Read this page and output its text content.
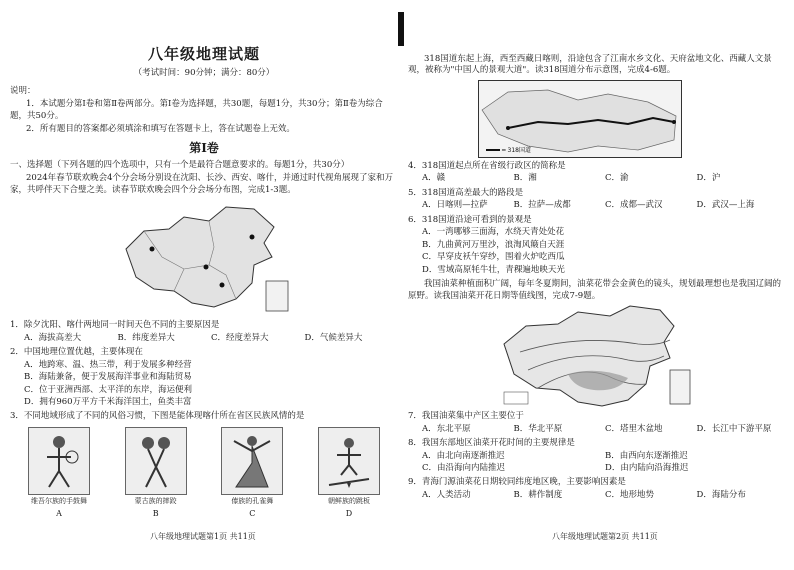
八年级地理试题
（考试时间：90分钟；满分：80分）
说明：
1．本试题分第Ⅰ卷和第Ⅱ卷两部分。第Ⅰ卷为选择题，共30题，每题1分，共30分；第Ⅱ卷为综合题，共50分。
2．所有题目的答案都必须填涂和填写在答题卡上，答在试题卷上无效。
第Ⅰ卷
一、选择题（下列各题的四个选项中，只有一个是最符合题意要求的。每题1分，共30分）
2024年春节联欢晚会4个分会场分别设在沈阳、长沙、西安、喀什，并通过时代视角展现了家和万家，共呼伴天下合璧之美。读春节联欢晚会四个分会场分布图，完成1-3题。
1．除夕沈阳、喀什两地同一时间天色不同的主要原因是
A．海拔高差大	B．纬度差异大	C．经度差异大	D．气候差异大
2．中国地理位置优越，主要体现在
A．地跨寒、温、热三带，利于发展多种经营
B．海陆兼备，便于发展海洋事业和海陆贸易
C．位于亚洲西部、太平洋的东岸，海运便利
D．拥有960万平方千米海洋国土，鱼类丰富
3．不同地域形成了不同的风俗习惯，下图是能体现喀什所在省区民族风情的是
维吾尔族的手鼓舞
A
蒙古族的摔跤
B
傣族的孔雀舞
C
朝鲜族的跳板
D
八年级地理试题第1页 共11页
318国道东起上海，西至西藏日喀则，沿途包含了江南水乡文化、天府盆地文化、西藏人文景观，被称为"中国人的景观大道"。读318国道分布示意图，完成4-6题。
━ 318国道
4．318国道起点所在省级行政区的简称是
A．赣	B．湘	C．渝	D．沪
5．318国道高差最大的路段是
A．日喀则—拉萨	B．拉萨—成都	C．成都—武汉	D．武汉—上海
6．318国道沿途可看到的景观是
A．一湾哪够三面海，水绕天青处处花
B．九曲黄河万里沙，浪淘风簸自天涯
C．早穿皮袄午穿纱，围着火炉吃西瓜
D．雪域高原牦牛壮，青稞遍地映天光
我国油菜种植面积广阔，每年冬夏期间，油菜花带会金黄色的镜头，规划最理想也是我国辽阔的原野。读我国油菜开花日期等值线图，完成7-9题。
7．我国油菜集中产区主要位于
A．东北平原	B．华北平原	C．塔里木盆地	D．长江中下游平原
8．我国东部地区油菜开花时间的主要规律是
A．由北向南逐渐推迟	B．由西向东逐渐推迟
C．由沿海向内陆推迟	D．由内陆向沿海推迟
9．青海门源油菜花日期较同纬度地区晚，主要影响因素是
A．人类活动	B．耕作制度	C．地形地势	D．海陆分布
八年级地理试题第2页 共11页
